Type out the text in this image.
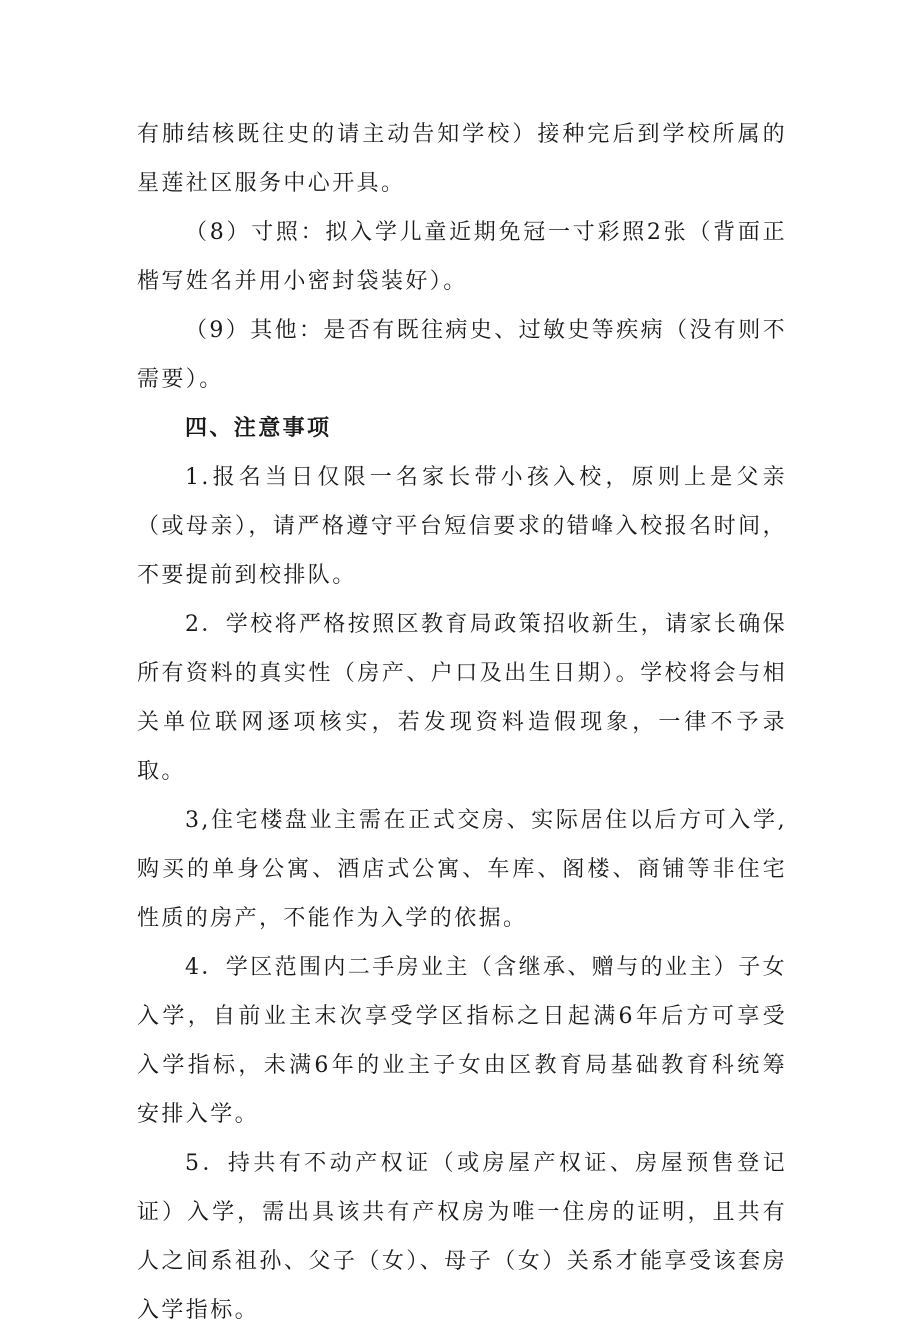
有肺结核既往史的请主动告知学校）接种完后到学校所属的星莲社区服务中心开具。

（8）寸照：拟入学儿童近期免冠一寸彩照2张（背面正楷写姓名并用小密封袋装好）。

（9）其他：是否有既往病史、过敏史等疾病（没有则不需要）。

四、注意事项

1.报名当日仅限一名家长带小孩入校，原则上是父亲（或母亲），请严格遵守平台短信要求的错峰入校报名时间，不要提前到校排队。

2．学校将严格按照区教育局政策招收新生，请家长确保所有资料的真实性（房产、户口及出生日期）。学校将会与相关单位联网逐项核实，若发现资料造假现象，一律不予录取。

3,住宅楼盘业主需在正式交房、实际居住以后方可入学,购买的单身公寓、酒店式公寓、车库、阁楼、商铺等非住宅性质的房产，不能作为入学的依据。

4．学区范围内二手房业主（含继承、赠与的业主）子女入学，自前业主末次享受学区指标之日起满6年后方可享受入学指标，未满6年的业主子女由区教育局基础教育科统筹安排入学。

5．持共有不动产权证（或房屋产权证、房屋预售登记证）入学，需出具该共有产权房为唯一住房的证明，且共有人之间系祖孙、父子（女）、母子（女）关系才能享受该套房入学指标。
